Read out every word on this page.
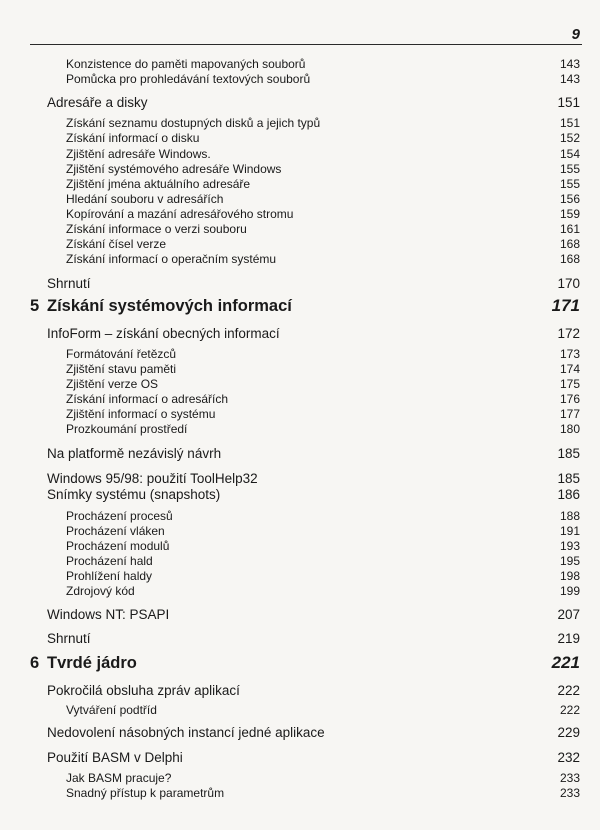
9
Konzistence do paměti mapovaných souborů	143
Pomůcka pro prohledávání textových souborů	143
Adresáře a disky	151
Získání seznamu dostupných disků a jejich typů	151
Získání informací o disku	152
Zjištění adresáře Windows.	154
Zjištění systémového adresáře Windows	155
Zjištění jména aktuálního adresáře	155
Hledání souboru v adresářích	156
Kopírování a mazání adresářového stromu	159
Získání informace o verzi souboru	161
Získání čísel verze	168
Získání informací o operačním systému	168
Shrnutí	170
5 Získání systémových informací	171
InfoForm – získání obecných informací	172
Formátování řetězců	173
Zjištění stavu paměti	174
Zjištění verze OS	175
Získání informací o adresářích	176
Zjištění informací o systému	177
Prozkoumání prostředí	180
Na platformě nezávislý návrh	185
Windows 95/98: použití ToolHelp32	185
Snímky systému (snapshots)	186
Procházení procesů	188
Procházení vláken	191
Procházení modulů	193
Procházení hald	195
Prohlížení haldy	198
Zdrojový kód	199
Windows NT: PSAPI	207
Shrnutí	219
6 Tvrdé jádro	221
Pokročilá obsluha zpráv aplikací	222
Vytváření podtříd	222
Nedovolení násobných instancí jedné aplikace	229
Použití BASM v Delphi	232
Jak BASM pracuje?	233
Snadný přístup k parametrům	233
